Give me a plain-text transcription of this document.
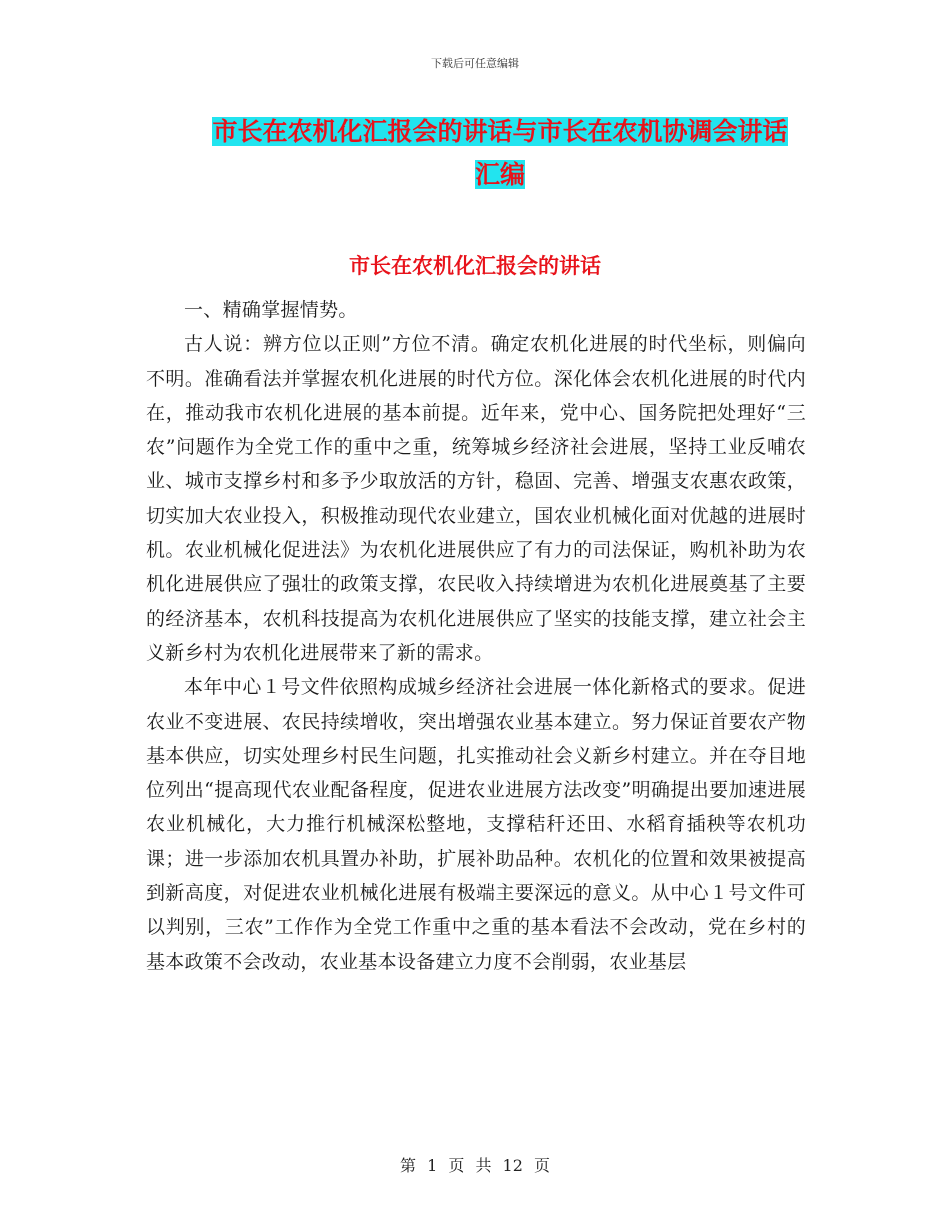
下载后可任意编辑
市长在农机化汇报会的讲话与市长在农机协调会讲话
汇编
市长在农机化汇报会的讲话

一、精确掌握情势。

古人说：辨方位以正则”方位不清。确定农机化进展的时代坐标，则偏向不明。准确看法并掌握农机化进展的时代方位。深化体会农机化进展的时代内在，推动我市农机化进展的基本前提。近年来，党中心、国务院把处理好“三农”问题作为全党工作的重中之重，统筹城乡经济社会进展，坚持工业反哺农业、城市支撑乡村和多予少取放活的方针，稳固、完善、增强支农惠农政策，切实加大农业投入，积极推动现代农业建立，国农业机械化面对优越的进展时机。农业机械化促进法》为农机化进展供应了有力的司法保证，购机补助为农机化进展供应了强壮的政策支撑，农民收入持续增进为农机化进展奠基了主要的经济基本，农机科技提高为农机化进展供应了坚实的技能支撑，建立社会主义新乡村为农机化进展带来了新的需求。

本年中心１号文件依照构成城乡经济社会进展一体化新格式的要求。促进农业不变进展、农民持续增收，突出增强农业基本建立。努力保证首要农产物基本供应，切实处理乡村民生问题，扎实推动社会义新乡村建立。并在夺目地位列出“提高现代农业配备程度，促进农业进展方法改变”明确提出要加速进展农业机械化，大力推行机械深松整地，支撑秸秆还田、水稻育插秧等农机功课；进一步添加农机具置办补助，扩展补助品种。农机化的位置和效果被提高到新高度，对促进农业机械化进展有极端主要深远的意义。从中心１号文件可以判别，三农”工作作为全党工作重中之重的基本看法不会改动，党在乡村的基本政策不会改动，农业基本设备建立力度不会削弱，农业基层

第 1 页 共 12 页
